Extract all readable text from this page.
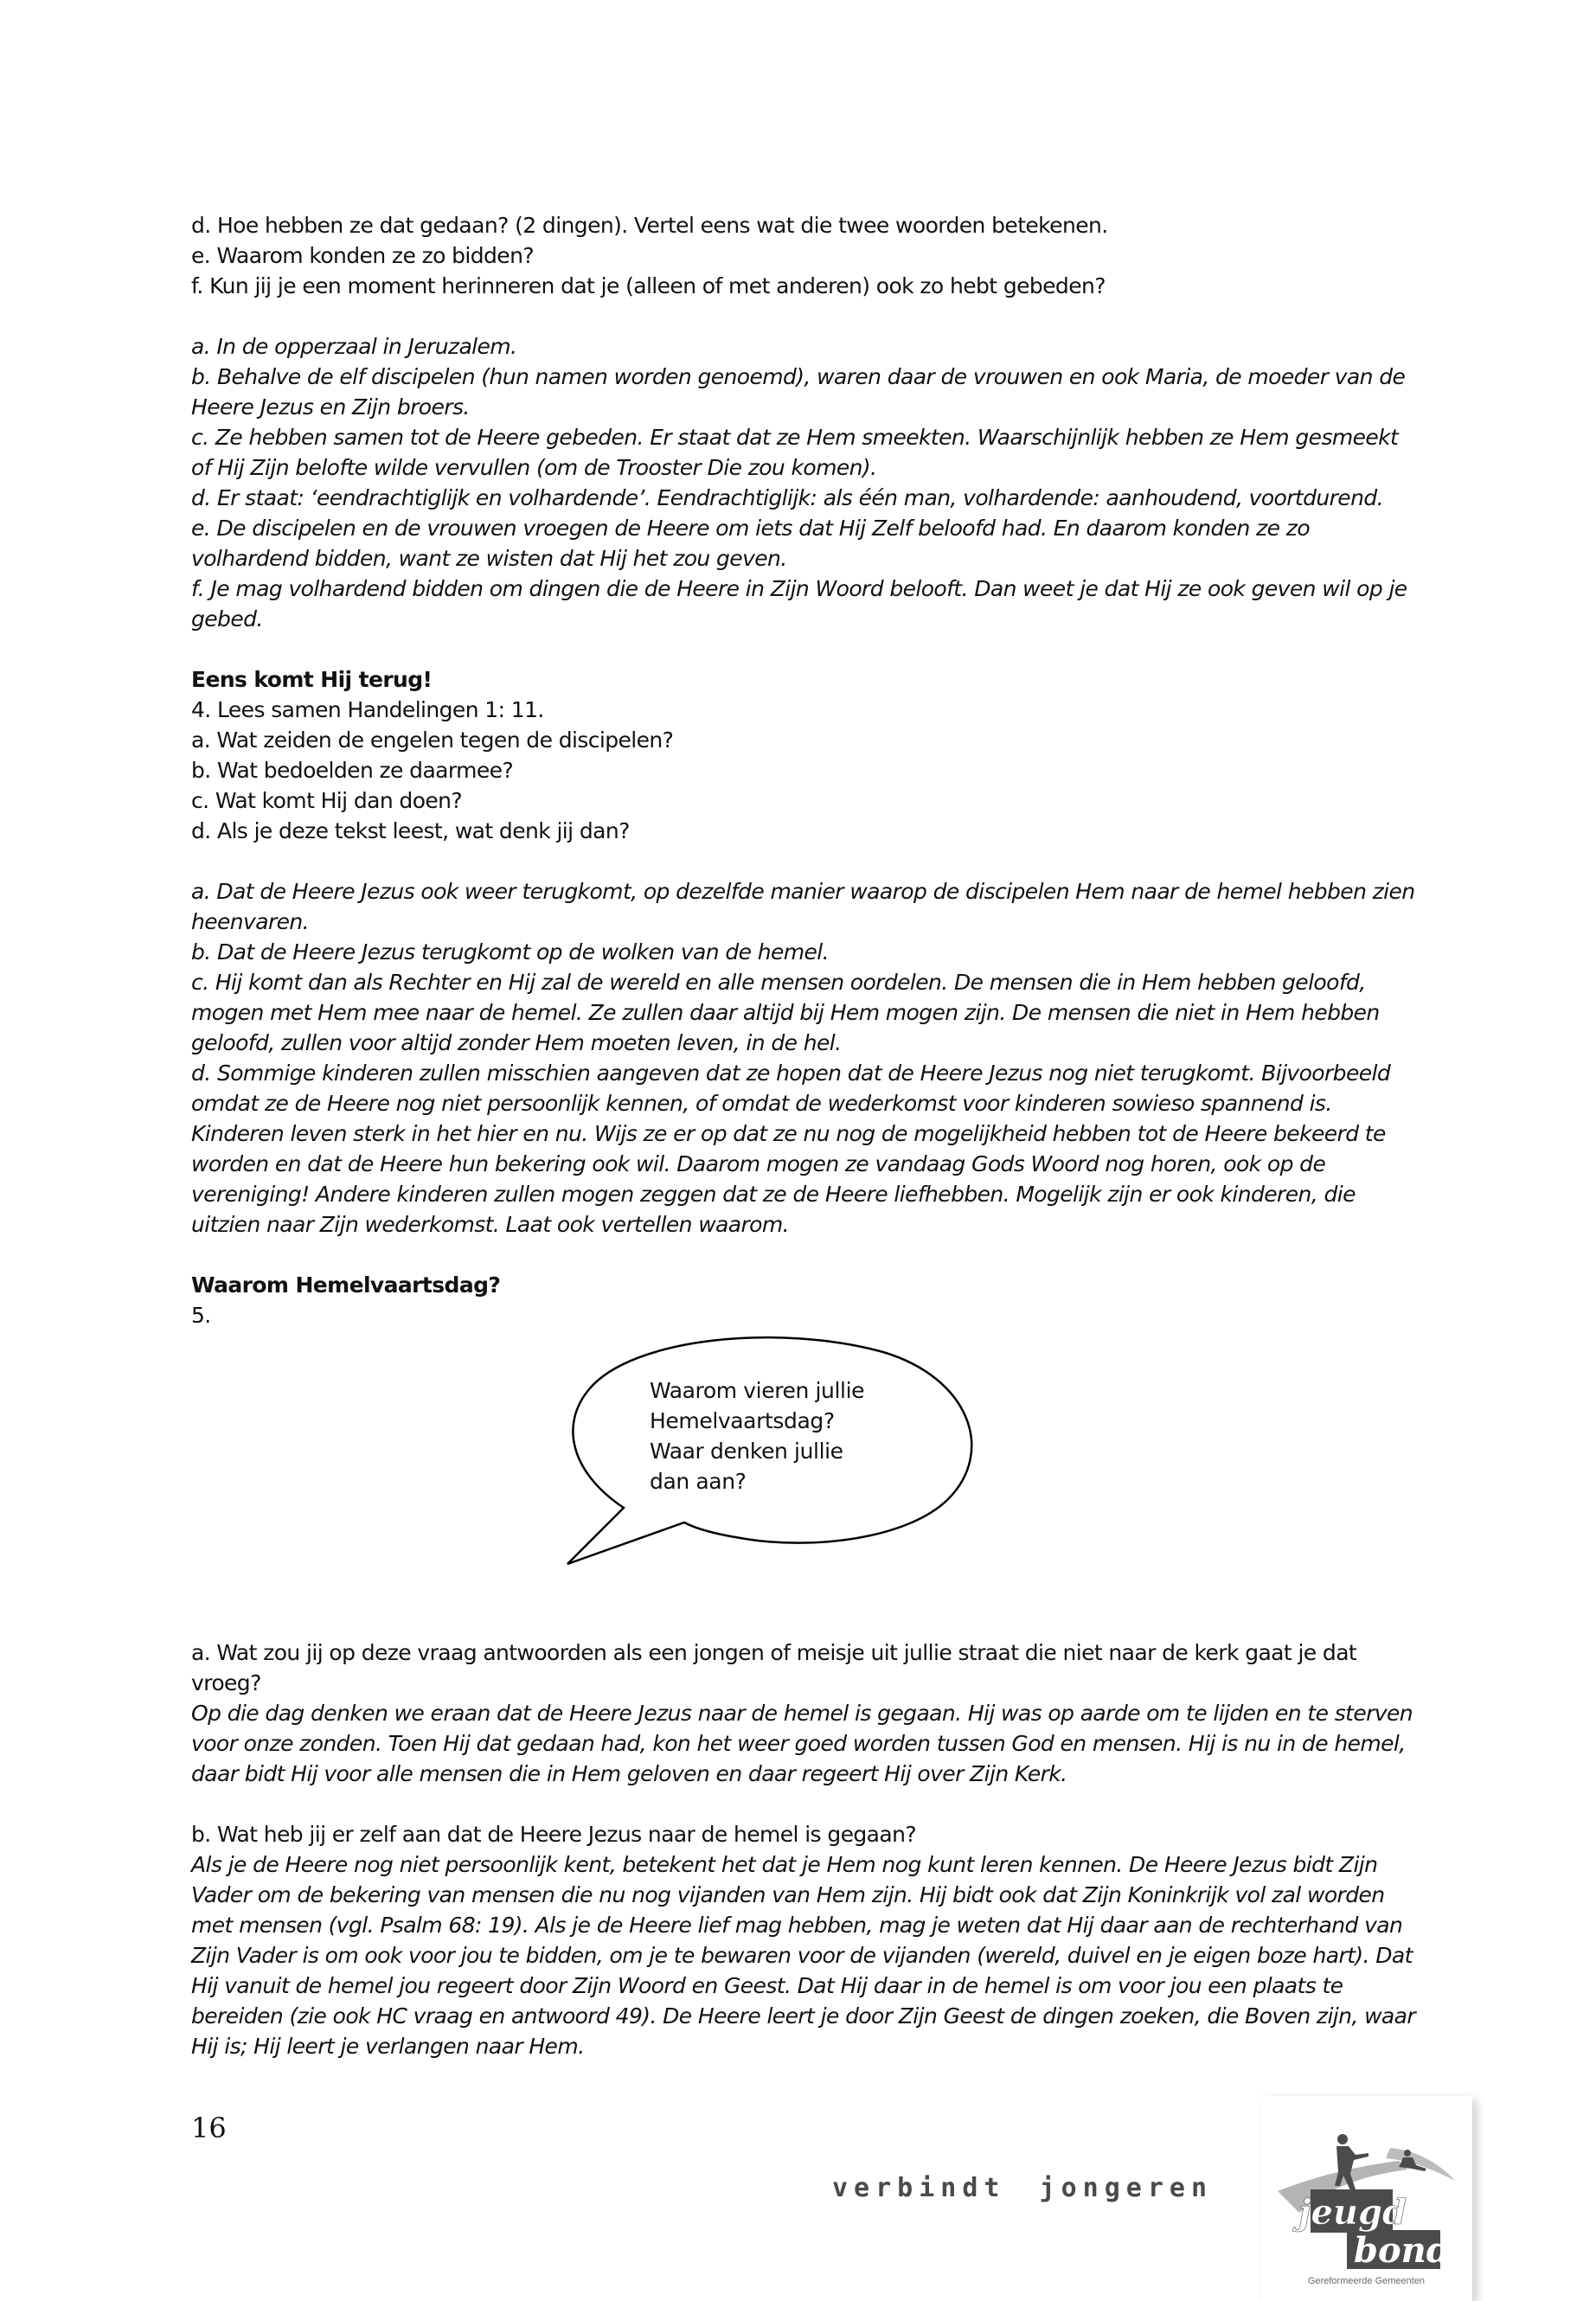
d. Hoe hebben ze dat gedaan? (2 dingen). Vertel eens wat die twee woorden betekenen.

e. Waarom konden ze zo bidden?

f. Kun jij je een moment herinneren dat je (alleen of met anderen) ook zo hebt gebeden?

a. In de opperzaal in Jeruzalem.

b. Behalve de elf discipelen (hun namen worden genoemd), waren daar de vrouwen en ook Maria, de moeder van de Heere Jezus en Zijn broers.

c. Ze hebben samen tot de Heere gebeden. Er staat dat ze Hem smeekten. Waarschijnlijk hebben ze Hem gesmeekt of Hij Zijn belofte wilde vervullen (om de Trooster Die zou komen).

d. Er staat: ‘eendrachtiglijk en volhardende’. Eendrachtiglijk: als één man, volhardende: aanhoudend, voortdurend.

e. De discipelen en de vrouwen vroegen de Heere om iets dat Hij Zelf beloofd had. En daarom konden ze zo volhardend bidden, want ze wisten dat Hij het zou geven.

f. Je mag volhardend bidden om dingen die de Heere in Zijn Woord belooft. Dan weet je dat Hij ze ook geven wil op je gebed.

Eens komt Hij terug!

4. Lees samen Handelingen 1: 11.

a. Wat zeiden de engelen tegen de discipelen?

b. Wat bedoelden ze daarmee?

c. Wat komt Hij dan doen?

d. Als je deze tekst leest, wat denk jij dan?

a. Dat de Heere Jezus ook weer terugkomt, op dezelfde manier waarop de discipelen Hem naar de hemel hebben zien heenvaren.

b. Dat de Heere Jezus terugkomt op de wolken van de hemel.

c. Hij komt dan als Rechter en Hij zal de wereld en alle mensen oordelen. De mensen die in Hem hebben geloofd, mogen met Hem mee naar de hemel. Ze zullen daar altijd bij Hem mogen zijn. De mensen die niet in Hem hebben geloofd, zullen voor altijd zonder Hem moeten leven, in de hel.

d. Sommige kinderen zullen misschien aangeven dat ze hopen dat de Heere Jezus nog niet terugkomt. Bijvoorbeeld omdat ze de Heere nog niet persoonlijk kennen, of omdat de wederkomst voor kinderen sowieso spannend is. Kinderen leven sterk in het hier en nu. Wijs ze er op dat ze nu nog de mogelijkheid hebben tot de Heere bekeerd te worden en dat de Heere hun bekering ook wil. Daarom mogen ze vandaag Gods Woord nog horen, ook op de vereniging! Andere kinderen zullen mogen zeggen dat ze de Heere liefhebben. Mogelijk zijn er ook kinderen, die uitzien naar Zijn wederkomst. Laat ook vertellen waarom.

Waarom Hemelvaartsdag?

5.

Waarom vieren jullie
Hemelvaartsdag?
Waar denken jullie
dan aan?

a. Wat zou jij op deze vraag antwoorden als een jongen of meisje uit jullie straat die niet naar de kerk gaat je dat vroeg?

Op die dag denken we eraan dat de Heere Jezus naar de hemel is gegaan. Hij was op aarde om te lijden en te sterven voor onze zonden. Toen Hij dat gedaan had, kon het weer goed worden tussen God en mensen. Hij is nu in de hemel, daar bidt Hij voor alle mensen die in Hem geloven en daar regeert Hij over Zijn Kerk.

b. Wat heb jij er zelf aan dat de Heere Jezus naar de hemel is gegaan?

Als je de Heere nog niet persoonlijk kent, betekent het dat je Hem nog kunt leren kennen. De Heere Jezus bidt Zijn Vader om de bekering van mensen die nu nog vijanden van Hem zijn. Hij bidt ook dat Zijn Koninkrijk vol zal worden met mensen (vgl. Psalm 68: 19). Als je de Heere lief mag hebben, mag je weten dat Hij daar aan de rechterhand van Zijn Vader is om ook voor jou te bidden, om je te bewaren voor de vijanden (wereld, duivel en je eigen boze hart). Dat Hij vanuit de hemel jou regeert door Zijn Woord en Geest. Dat Hij daar in de hemel is om voor jou een plaats te bereiden (zie ook HC vraag en antwoord 49). De Heere leert je door Zijn Geest de dingen zoeken, die Boven zijn, waar Hij is; Hij leert je verlangen naar Hem.

16
verbindt jongeren
jeugd
bond
Gereformeerde Gemeenten
